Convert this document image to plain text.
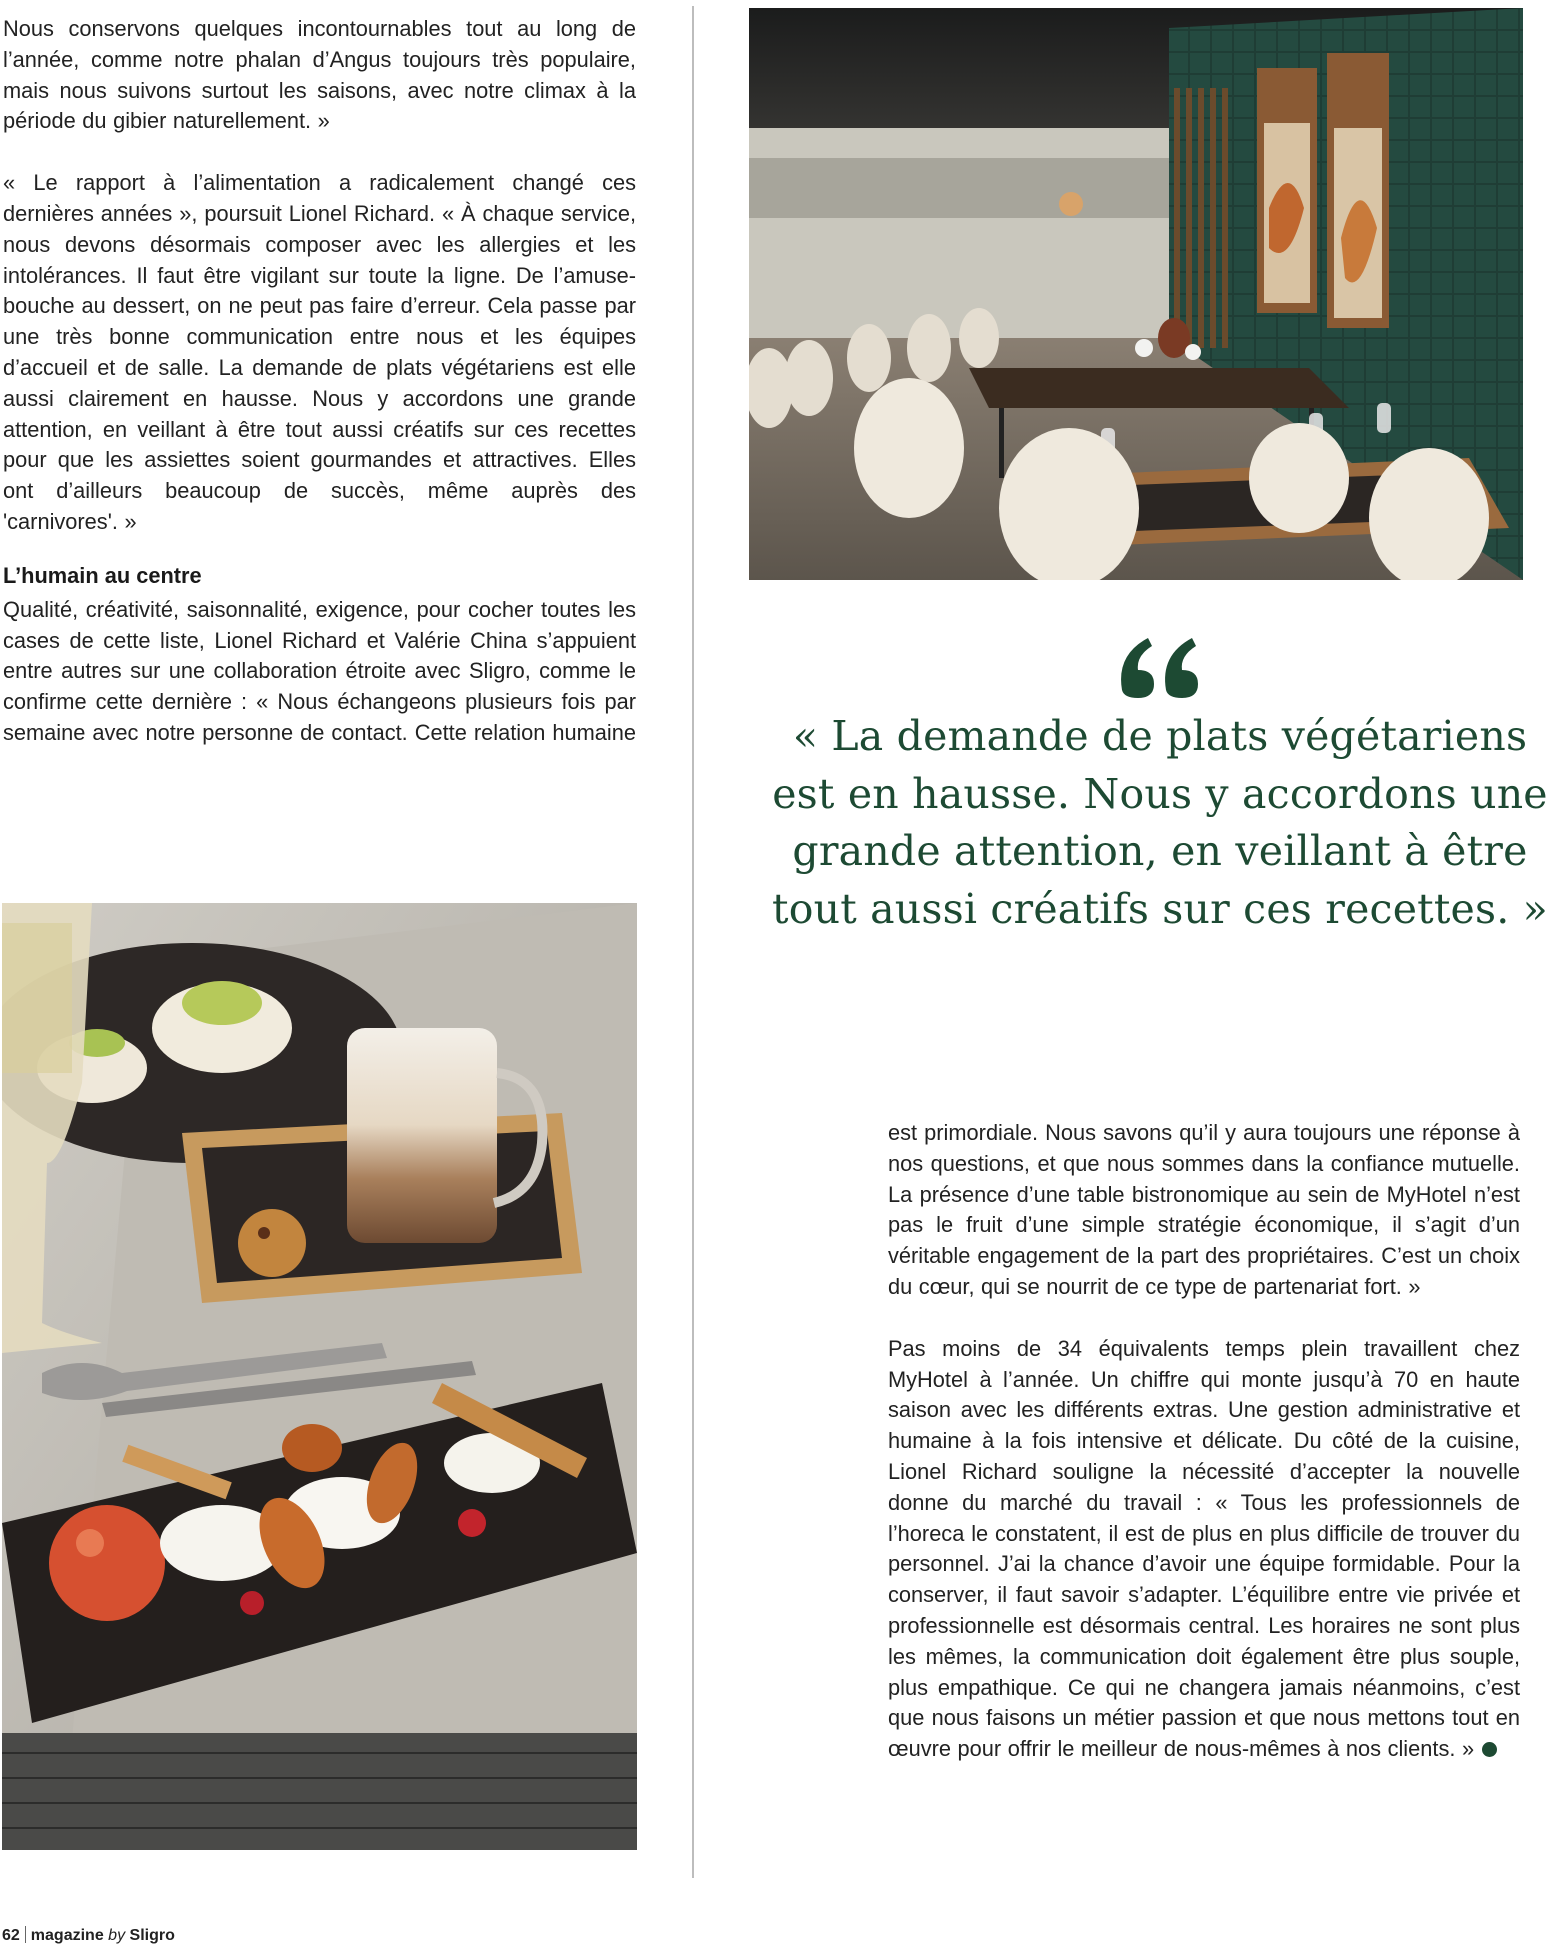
Nous conservons quelques incontournables tout au long de l’année, comme notre phalan d’Angus toujours très populaire, mais nous suivons surtout les saisons, avec notre climax à la période du gibier naturellement. »

« Le rapport à l’alimentation a radicalement changé ces dernières années », poursuit Lionel Richard. « À chaque service, nous devons désormais composer avec les allergies et les intolérances. Il faut être vigilant sur toute la ligne. De l’amuse-bouche au dessert, on ne peut pas faire d’erreur. Cela passe par une très bonne communication entre nous et les équipes d’accueil et de salle. La demande de plats végétariens est elle aussi clairement en hausse. Nous y accordons une grande attention, en veillant à être tout aussi créatifs sur ces recettes pour que les assiettes soient gourmandes et attractives. Elles ont d’ailleurs beaucoup de succès, même auprès des 'carnivores'. »

L’humain au centre

Qualité, créativité, saisonnalité, exigence, pour cocher toutes les cases de cette liste, Lionel Richard et Valérie China s’appuient entre autres sur une collaboration étroite avec Sligro, comme le confirme cette dernière : « Nous échangeons plusieurs fois par semaine avec notre personne de contact. Cette relation humaine	« La demande de plats végétariens est en hausse. Nous y accordons une grande attention, en veillant à être tout aussi créatifs sur ces recettes. »

est primordiale. Nous savons qu’il y aura toujours une réponse à nos questions, et que nous sommes dans la confiance mutuelle. La présence d’une table bistronomique au sein de MyHotel n’est pas le fruit d’une simple stratégie économique, il s’agit d’un véritable engagement de la part des propriétaires. C’est un choix du cœur, qui se nourrit de ce type de partenariat fort. »

Pas moins de 34 équivalents temps plein travaillent chez MyHotel à l’année. Un chiffre qui monte jusqu’à 70 en haute saison avec les différents extras. Une gestion administrative et humaine à la fois intensive et délicate. Du côté de la cuisine, Lionel Richard souligne la nécessité d’accepter la nouvelle donne du marché du travail : « Tous les professionnels de l’horeca le constatent, il est de plus en plus difficile de trouver du personnel. J’ai la chance d’avoir une équipe formidable. Pour la conserver, il faut savoir s’adapter. L’équilibre entre vie privée et professionnelle est désormais central. Les horaires ne sont plus les mêmes, la communication doit également être plus souple, plus empathique. Ce qui ne changera jamais néanmoins, c’est que nous faisons un métier passion et que nous mettons tout en œuvre pour offrir le meilleur de nous-mêmes à nos clients. »

62 magazine by Sligro
